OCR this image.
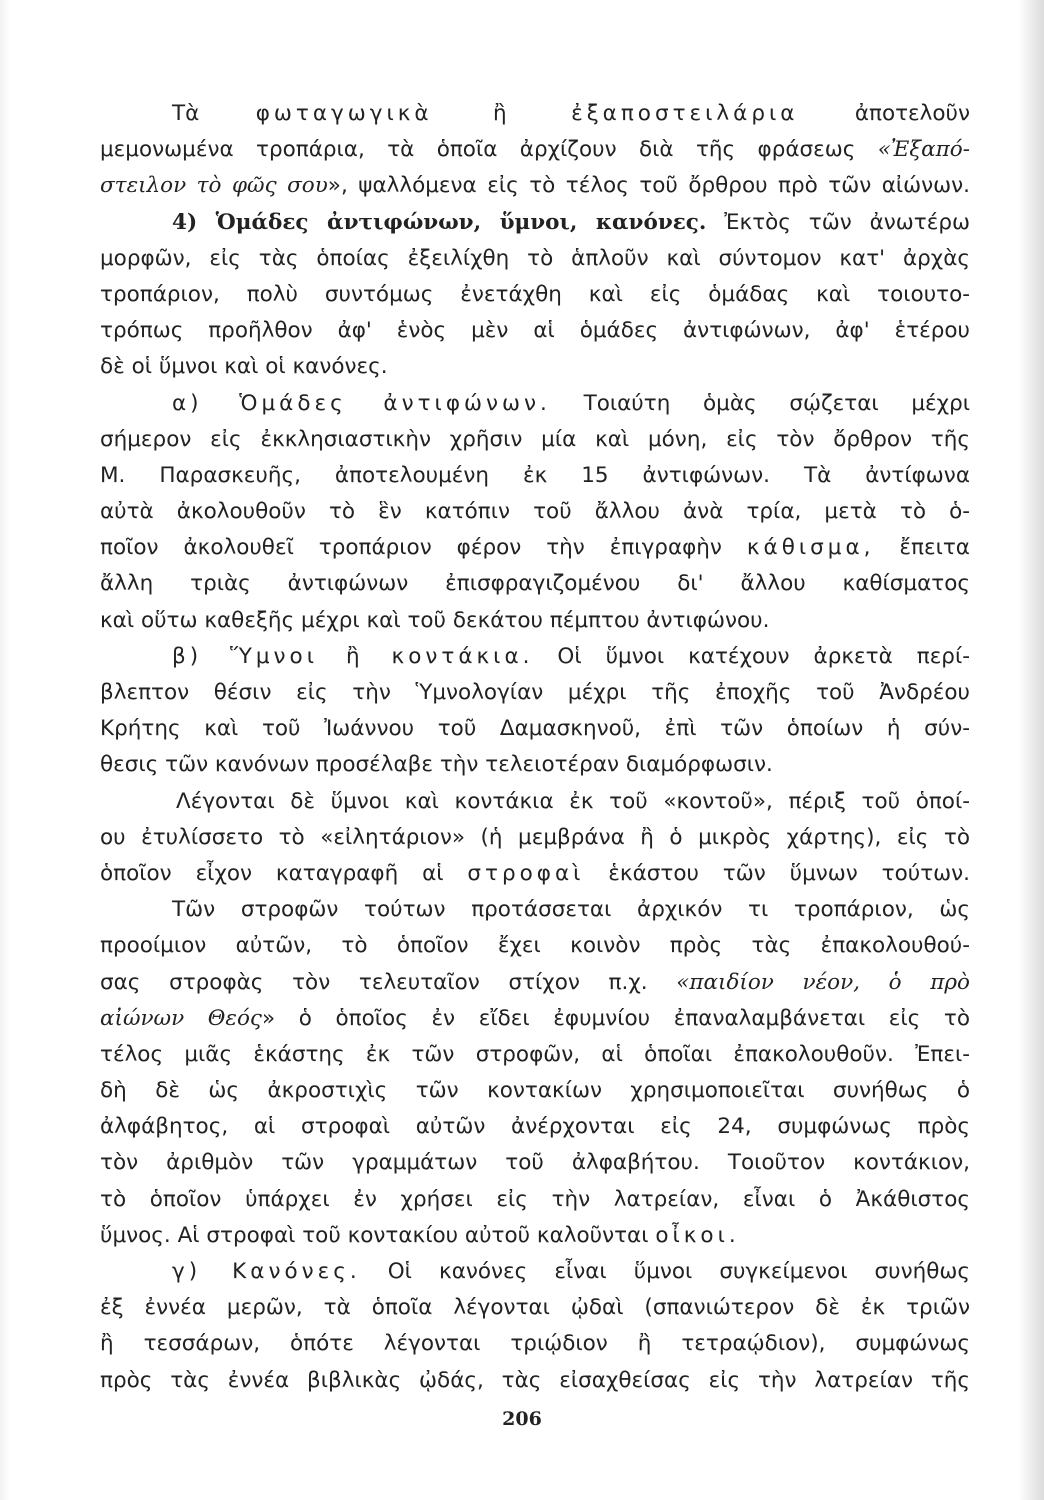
Τὰ φωταγωγικὰ ἢ ἐξαποστειλάρια ἀποτελοῦν
μεμονωμένα τροπάρια, τὰ ὁποῖα ἀρχίζουν διὰ τῆς φράσεως «Ἐξαπό-
στειλον τὸ φῶς σου», ψαλλόμενα εἰς τὸ τέλος τοῦ ὄρθρου πρὸ τῶν αἰώνων.
4) Ὁμάδες ἀντιφώνων, ὕμνοι, κανόνες. Ἐκτὸς τῶν ἀνωτέρω
μορφῶν, εἰς τὰς ὁποίας ἐξειλίχθη τὸ ἁπλοῦν καὶ σύντομον κατ' ἀρχὰς
τροπάριον, πολὺ συντόμως ἐνετάχθη καὶ εἰς ὁμάδας καὶ τοιουτο-
τρόπως προῆλθον ἀφ' ἑνὸς μὲν αἱ ὁμάδες ἀντιφώνων, ἀφ' ἑτέρου
δὲ οἱ ὕμνοι καὶ οἱ κανόνες.
α) Ὁμάδες ἀντιφώνων. Τοιαύτη ὁμὰς σῴζεται μέχρι
σήμερον εἰς ἐκκλησιαστικὴν χρῆσιν μία καὶ μόνη, εἰς τὸν ὄρθρον τῆς
Μ. Παρασκευῆς, ἀποτελουμένη ἐκ 15 ἀντιφώνων. Τὰ ἀντίφωνα
αὐτὰ ἀκολουθοῦν τὸ ἓν κατόπιν τοῦ ἄλλου ἀνὰ τρία, μετὰ τὸ ὁ-
ποῖον ἀκολουθεῖ τροπάριον φέρον τὴν ἐπιγραφὴν κάθισμα, ἔπειτα
ἄλλη τριὰς ἀντιφώνων ἐπισφραγιζομένου δι' ἄλλου καθίσματος
καὶ οὕτω καθεξῆς μέχρι καὶ τοῦ δεκάτου πέμπτου ἀντιφώνου.
β) Ὕμνοι ἢ κοντάκια. Οἱ ὕμνοι κατέχουν ἀρκετὰ περί-
βλεπτον θέσιν εἰς τὴν Ὑμνολογίαν μέχρι τῆς ἐποχῆς τοῦ Ἀνδρέου
Κρήτης καὶ τοῦ Ἰωάννου τοῦ Δαμασκηνοῦ, ἐπὶ τῶν ὁποίων ἡ σύν-
θεσις τῶν κανόνων προσέλαβε τὴν τελειοτέραν διαμόρφωσιν.
Λέγονται δὲ ὕμνοι καὶ κοντάκια ἐκ τοῦ «κοντοῦ», πέριξ τοῦ ὁποί-
ου ἐτυλίσσετο τὸ «εἰλητάριον» (ἡ μεμβράνα ἢ ὁ μικρὸς χάρτης), εἰς τὸ
ὁποῖον εἶχον καταγραφῆ αἱ στροφαὶ ἑκάστου τῶν ὕμνων τούτων.
Τῶν στροφῶν τούτων προτάσσεται ἀρχικόν τι τροπάριον, ὡς
προοίμιον αὐτῶν, τὸ ὁποῖον ἔχει κοινὸν πρὸς τὰς ἐπακολουθού-
σας στροφὰς τὸν τελευταῖον στίχον π.χ. «παιδίον νέον, ὁ πρὸ
αἰώνων Θεός» ὁ ὁποῖος ἐν εἴδει ἐφυμνίου ἐπαναλαμβάνεται εἰς τὸ
τέλος μιᾶς ἑκάστης ἐκ τῶν στροφῶν, αἱ ὁποῖαι ἐπακολουθοῦν. Ἐπει-
δὴ δὲ ὡς ἀκροστιχὶς τῶν κοντακίων χρησιμοποιεῖται συνήθως ὁ
ἀλφάβητος, αἱ στροφαὶ αὐτῶν ἀνέρχονται εἰς 24, συμφώνως πρὸς
τὸν ἀριθμὸν τῶν γραμμάτων τοῦ ἀλφαβήτου. Τοιοῦτον κοντάκιον,
τὸ ὁποῖον ὑπάρχει ἐν χρήσει εἰς τὴν λατρείαν, εἶναι ὁ Ἀκάθιστος
ὕμνος. Αἱ στροφαὶ τοῦ κοντακίου αὐτοῦ καλοῦνται οἶκοι.
γ) Κανόνες. Οἱ κανόνες εἶναι ὕμνοι συγκείμενοι συνήθως
ἐξ ἐννέα μερῶν, τὰ ὁποῖα λέγονται ᾠδαὶ (σπανιώτερον δὲ ἐκ τριῶν
ἢ τεσσάρων, ὁπότε λέγονται τριῴδιον ἢ τετραῴδιον), συμφώνως
πρὸς τὰς ἐννέα βιβλικὰς ᾠδάς, τὰς εἰσαχθείσας εἰς τὴν λατρείαν τῆς
206
